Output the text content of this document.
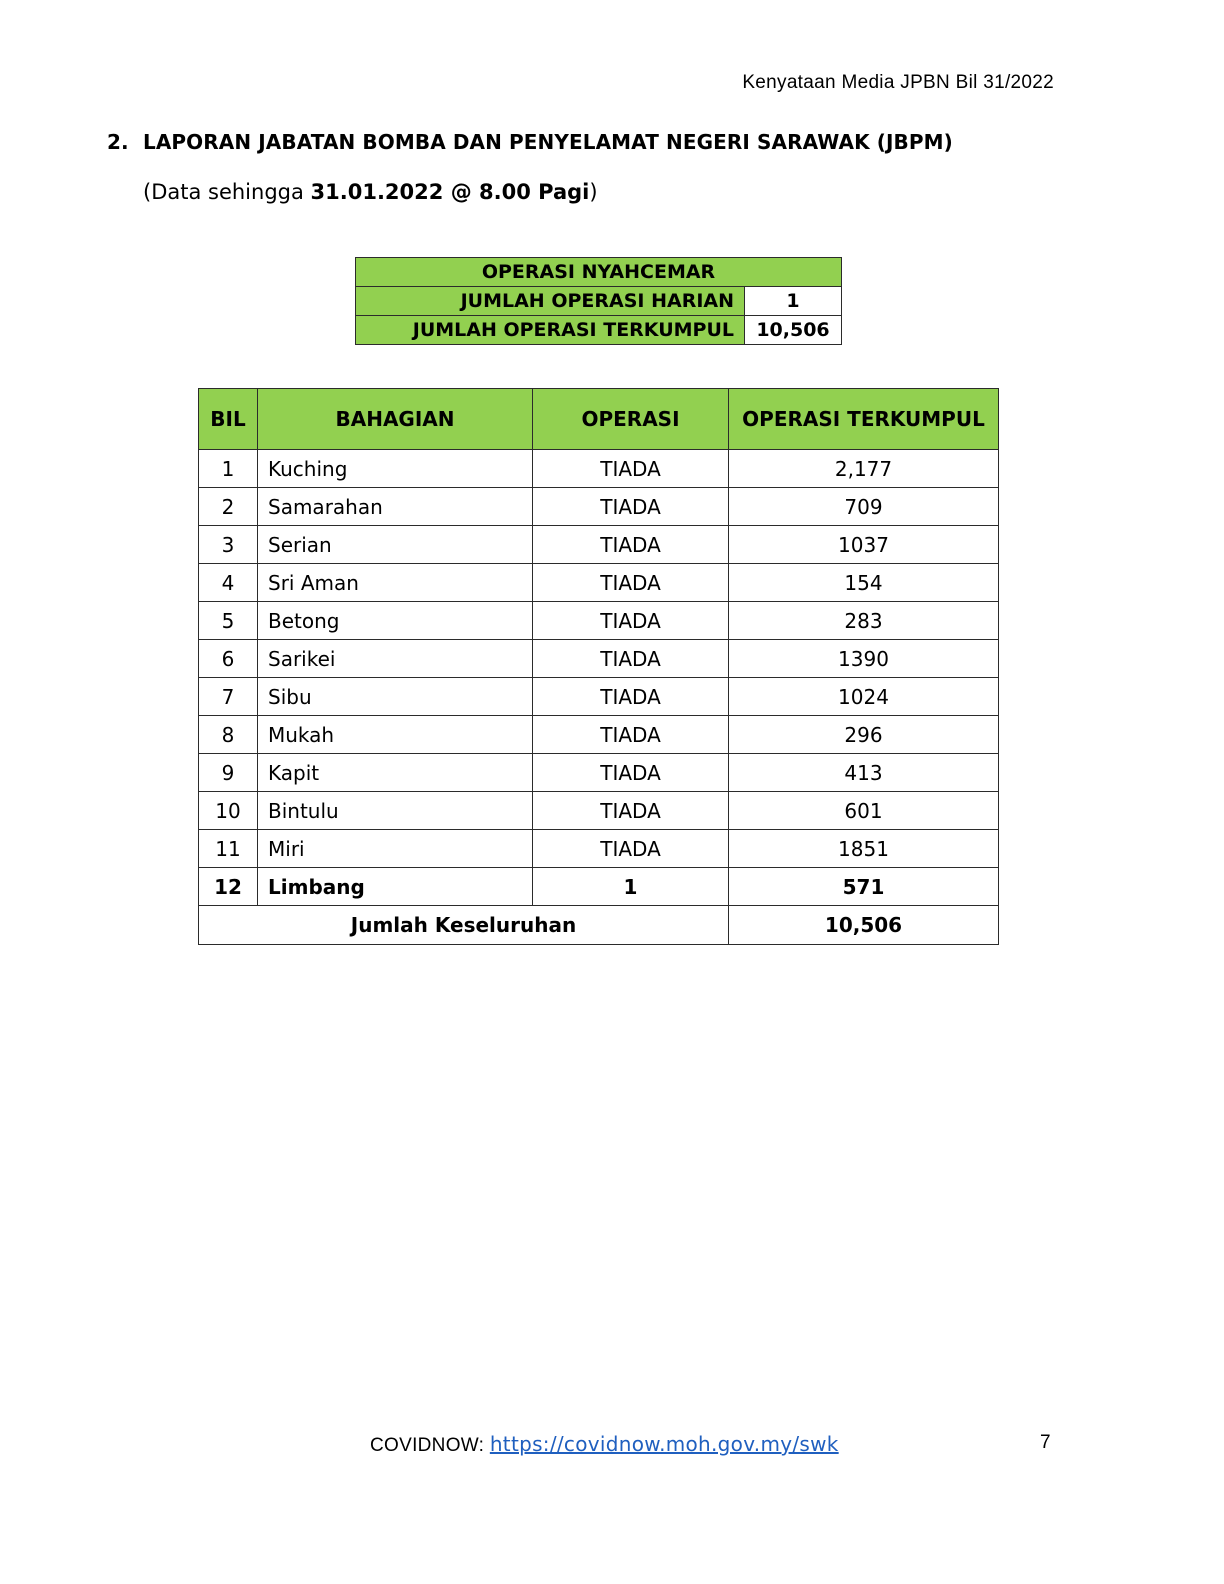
Kenyataan Media JPBN Bil 31/2022
2. LAPORAN JABATAN BOMBA DAN PENYELAMAT NEGERI SARAWAK (JBPM)
(Data sehingga 31.01.2022 @ 8.00 Pagi)
OPERASI NYAHCEMAR	
JUMLAH OPERASI HARIAN	1
JUMLAH OPERASI TERKUMPUL	10,506
BIL	BAHAGIAN	OPERASI	OPERASI TERKUMPUL
1	Kuching	TIADA	2,177
2	Samarahan	TIADA	709
3	Serian	TIADA	1037
4	Sri Aman	TIADA	154
5	Betong	TIADA	283
6	Sarikei	TIADA	1390
7	Sibu	TIADA	1024
8	Mukah	TIADA	296
9	Kapit	TIADA	413
10	Bintulu	TIADA	601
11	Miri	TIADA	1851
12	Limbang	1	571
Jumlah Keseluruhan			10,506
COVIDNOW: https://covidnow.moh.gov.my/swk	7
